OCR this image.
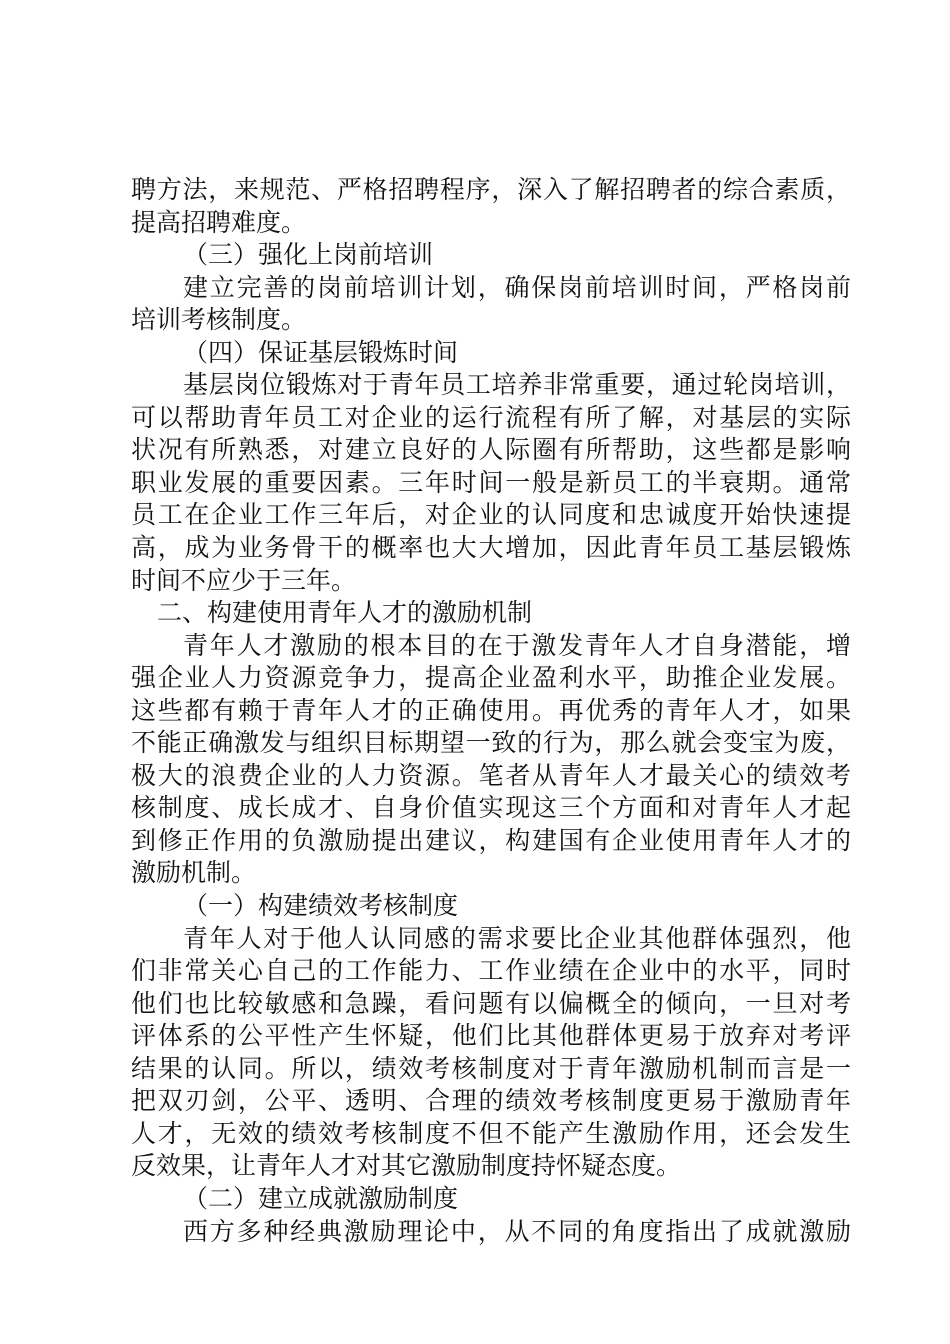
聘方法，来规范、严格招聘程序，深入了解招聘者的综合素质，
提高招聘难度。
（三）强化上岗前培训
建立完善的岗前培训计划，确保岗前培训时间，严格岗前
培训考核制度。
（四）保证基层锻炼时间
基层岗位锻炼对于青年员工培养非常重要，通过轮岗培训，
可以帮助青年员工对企业的运行流程有所了解，对基层的实际
状况有所熟悉，对建立良好的人际圈有所帮助，这些都是影响
职业发展的重要因素。三年时间一般是新员工的半衰期。通常
员工在企业工作三年后，对企业的认同度和忠诚度开始快速提
高，成为业务骨干的概率也大大增加，因此青年员工基层锻炼
时间不应少于三年。
二、构建使用青年人才的激励机制
青年人才激励的根本目的在于激发青年人才自身潜能，增
强企业人力资源竞争力，提高企业盈利水平，助推企业发展。
这些都有赖于青年人才的正确使用。再优秀的青年人才，如果
不能正确激发与组织目标期望一致的行为，那么就会变宝为废，
极大的浪费企业的人力资源。笔者从青年人才最关心的绩效考
核制度、成长成才、自身价值实现这三个方面和对青年人才起
到修正作用的负激励提出建议，构建国有企业使用青年人才的
激励机制。
（一）构建绩效考核制度
青年人对于他人认同感的需求要比企业其他群体强烈，他
们非常关心自己的工作能力、工作业绩在企业中的水平，同时
他们也比较敏感和急躁，看问题有以偏概全的倾向，一旦对考
评体系的公平性产生怀疑，他们比其他群体更易于放弃对考评
结果的认同。所以，绩效考核制度对于青年激励机制而言是一
把双刃剑，公平、透明、合理的绩效考核制度更易于激励青年
人才，无效的绩效考核制度不但不能产生激励作用，还会发生
反效果，让青年人才对其它激励制度持怀疑态度。
（二）建立成就激励制度
西方多种经典激励理论中，从不同的角度指出了成就激励
